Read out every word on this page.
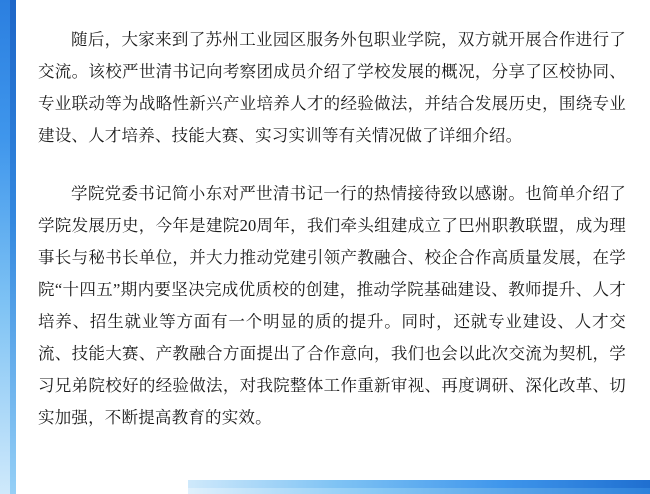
随后，大家来到了苏州工业园区服务外包职业学院，双方就开展合作进行了交流。该校严世清书记向考察团成员介绍了学校发展的概况，分享了区校协同、专业联动等为战略性新兴产业培养人才的经验做法，并结合发展历史，围绕专业建设、人才培养、技能大赛、实习实训等有关情况做了详细介绍。

学院党委书记简小东对严世清书记一行的热情接待致以感谢。也简单介绍了学院发展历史，今年是建院20周年，我们牵头组建成立了巴州职教联盟，成为理事长与秘书长单位，并大力推动党建引领产教融合、校企合作高质量发展，在学院“十四五”期内要坚决完成优质校的创建，推动学院基础建设、教师提升、人才培养、招生就业等方面有一个明显的质的提升。同时，还就专业建设、人才交流、技能大赛、产教融合方面提出了合作意向，我们也会以此次交流为契机，学习兄弟院校好的经验做法，对我院整体工作重新审视、再度调研、深化改革、切实加强，不断提高教育的实效。
